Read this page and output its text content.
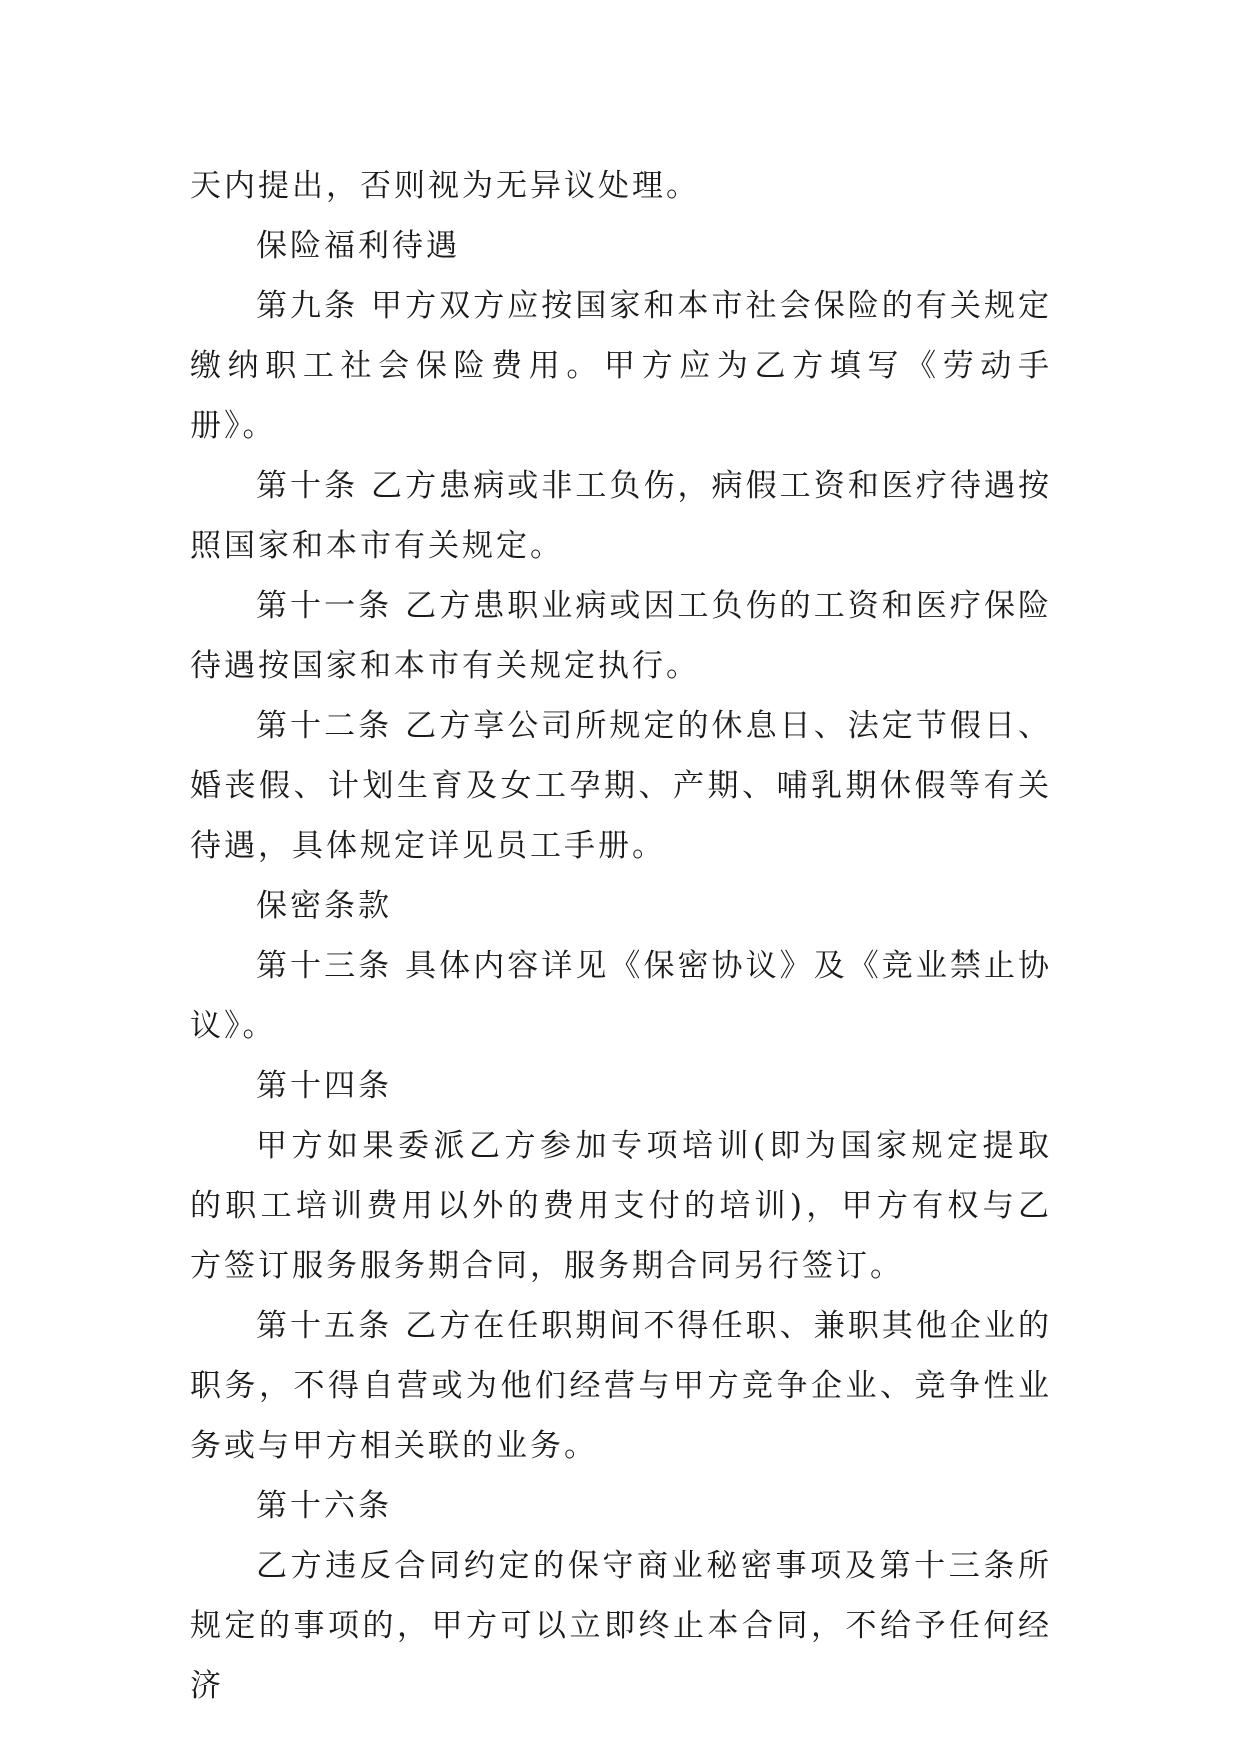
天内提出，否则视为无异议处理。

保险福利待遇

第九条 甲方双方应按国家和本市社会保险的有关规定缴纳职工社会保险费用。甲方应为乙方填写《劳动手册》。

第十条 乙方患病或非工负伤，病假工资和医疗待遇按照国家和本市有关规定。

第十一条 乙方患职业病或因工负伤的工资和医疗保险待遇按国家和本市有关规定执行。

第十二条 乙方享公司所规定的休息日、法定节假日、婚丧假、计划生育及女工孕期、产期、哺乳期休假等有关待遇，具体规定详见员工手册。

保密条款

第十三条 具体内容详见《保密协议》及《竞业禁止协议》。

第十四条

甲方如果委派乙方参加专项培训(即为国家规定提取的职工培训费用以外的费用支付的培训)，甲方有权与乙方签订服务服务期合同，服务期合同另行签订。

第十五条 乙方在任职期间不得任职、兼职其他企业的职务，不得自营或为他们经营与甲方竞争企业、竞争性业务或与甲方相关联的业务。

第十六条

乙方违反合同约定的保守商业秘密事项及第十三条所规定的事项的，甲方可以立即终止本合同，不给予任何经济
